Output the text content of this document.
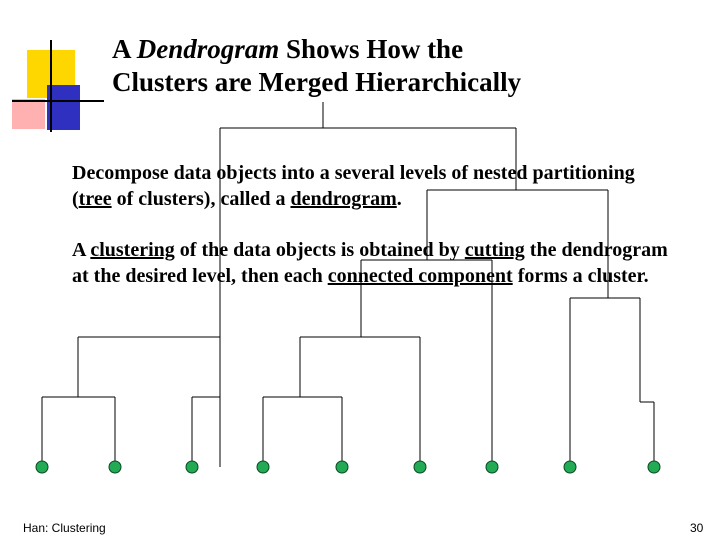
A Dendrogram Shows How the
Clusters are Merged Hierarchically
Decompose data objects into a several levels of nested partitioning (tree of clusters), called a dendrogram.
A clustering of the data objects is obtained by cutting the dendrogram at the desired level, then each connected component forms a cluster.
Han: Clustering	30
